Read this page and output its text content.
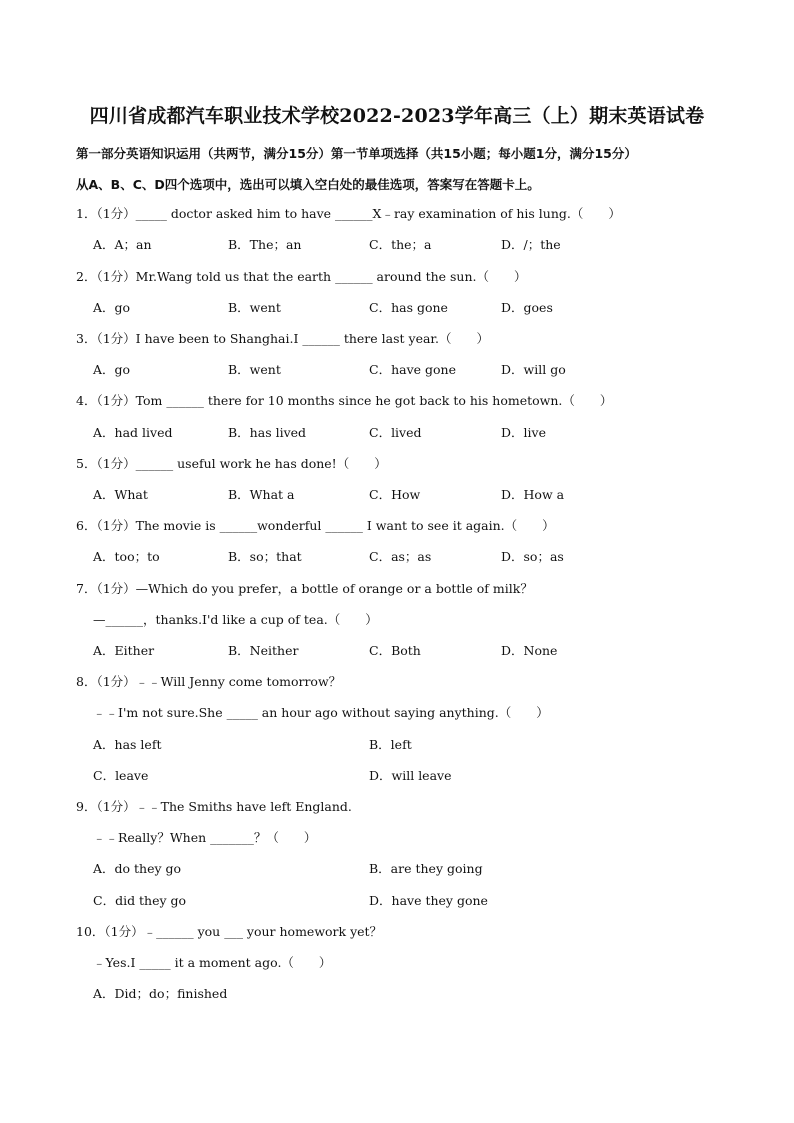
四川省成都汽车职业技术学校2022-2023学年高三（上）期末英语试卷
第一部分英语知识运用（共两节，满分15分）第一节单项选择（共15小题；每小题1分，满分15分）
从A、B、C、D四个选项中，选出可以填入空白处的最佳选项，答案写在答题卡上。
1．（1分）_____ doctor asked him to have ______X﹣ray examination of his lung.（　　）
A．A；an	B．The；an	C．the；a	D．/；the
2．（1分）Mr.Wang told us that the earth ______ around the sun.（　　）
A．go	B．went	C．has gone	D．goes
3．（1分）I have been to Shanghai.I ______ there last year.（　　）
A．go	B．went	C．have gone	D．will go
4．（1分）Tom ______ there for 10 months since he got back to his hometown.（　　）
A．had lived	B．has lived	C．lived	D．live
5．（1分）______ useful work he has done!（　　）
A．What	B．What a	C．How	D．How a
6．（1分）The movie is ______wonderful ______ I want to see it again.（　　）
A．too；to	B．so；that	C．as；as	D．so；as
7．（1分）—Which do you prefer，a bottle of orange or a bottle of milk？
—______，thanks.I'd like a cup of tea.（　　）
A．Either	B．Neither	C．Both	D．None
8．（1分）﹣﹣Will Jenny come tomorrow？
﹣﹣I'm not sure.She _____ an hour ago without saying anything.（　　）
A．has left	B．left
C．leave	D．will leave
9．（1分）﹣﹣The Smiths have left England.
﹣﹣Really？When _______？（　　）
A．do they go	B．are they going
C．did they go	D．have they gone
10．（1分）﹣______ you ___ your homework yet？
﹣Yes.I _____ it a moment ago.（　　）
A．Did；do；finished
